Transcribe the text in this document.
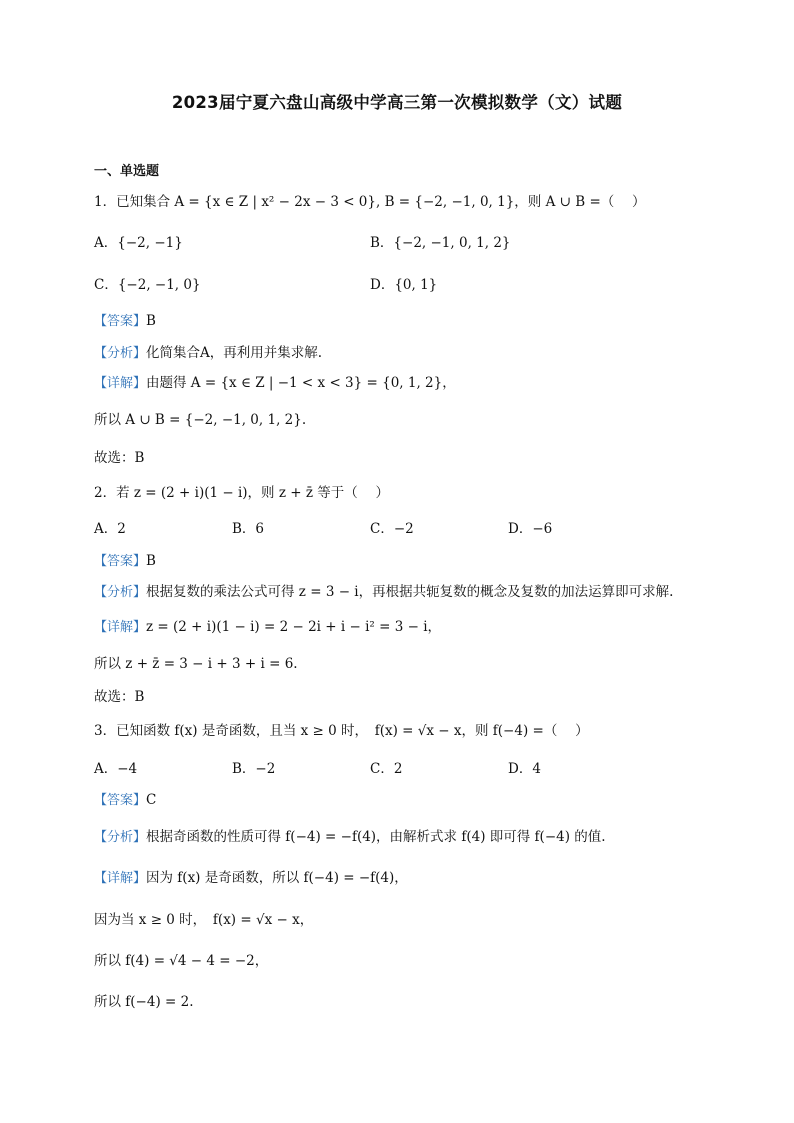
2023届宁夏六盘山高级中学高三第一次模拟数学（文）试题
一、单选题
1．已知集合 A = {x ∈ Z | x² − 2x − 3 < 0}, B = {−2, −1, 0, 1}，则 A ∪ B =（　 ）
A．{−2, −1}	B．{−2, −1, 0, 1, 2}
C．{−2, −1, 0}	D．{0, 1}
【答案】B
【分析】化简集合A，再利用并集求解.
【详解】由题得 A = {x ∈ Z | −1 < x < 3} = {0, 1, 2}，
所以 A ∪ B = {−2, −1, 0, 1, 2}.
故选：B
2．若 z = (2 + i)(1 − i)，则 z + z̄ 等于（　 ）
A．2	B．6	C．−2	D．−6
【答案】B
【分析】根据复数的乘法公式可得 z = 3 − i，再根据共轭复数的概念及复数的加法运算即可求解.
【详解】z = (2 + i)(1 − i) = 2 − 2i + i − i² = 3 − i，
所以 z + z̄ = 3 − i + 3 + i = 6.
故选：B
3．已知函数 f(x) 是奇函数，且当 x ≥ 0 时，　f(x) = √x − x，则 f(−4) =（　 ）
A．−4	B．−2	C．2	D．4
【答案】C
【分析】根据奇函数的性质可得 f(−4) = −f(4)，由解析式求 f(4) 即可得 f(−4) 的值.
【详解】因为 f(x) 是奇函数，所以 f(−4) = −f(4)，
因为当 x ≥ 0 时，　f(x) = √x − x，
所以 f(4) = √4 − 4 = −2，
所以 f(−4) = 2.
